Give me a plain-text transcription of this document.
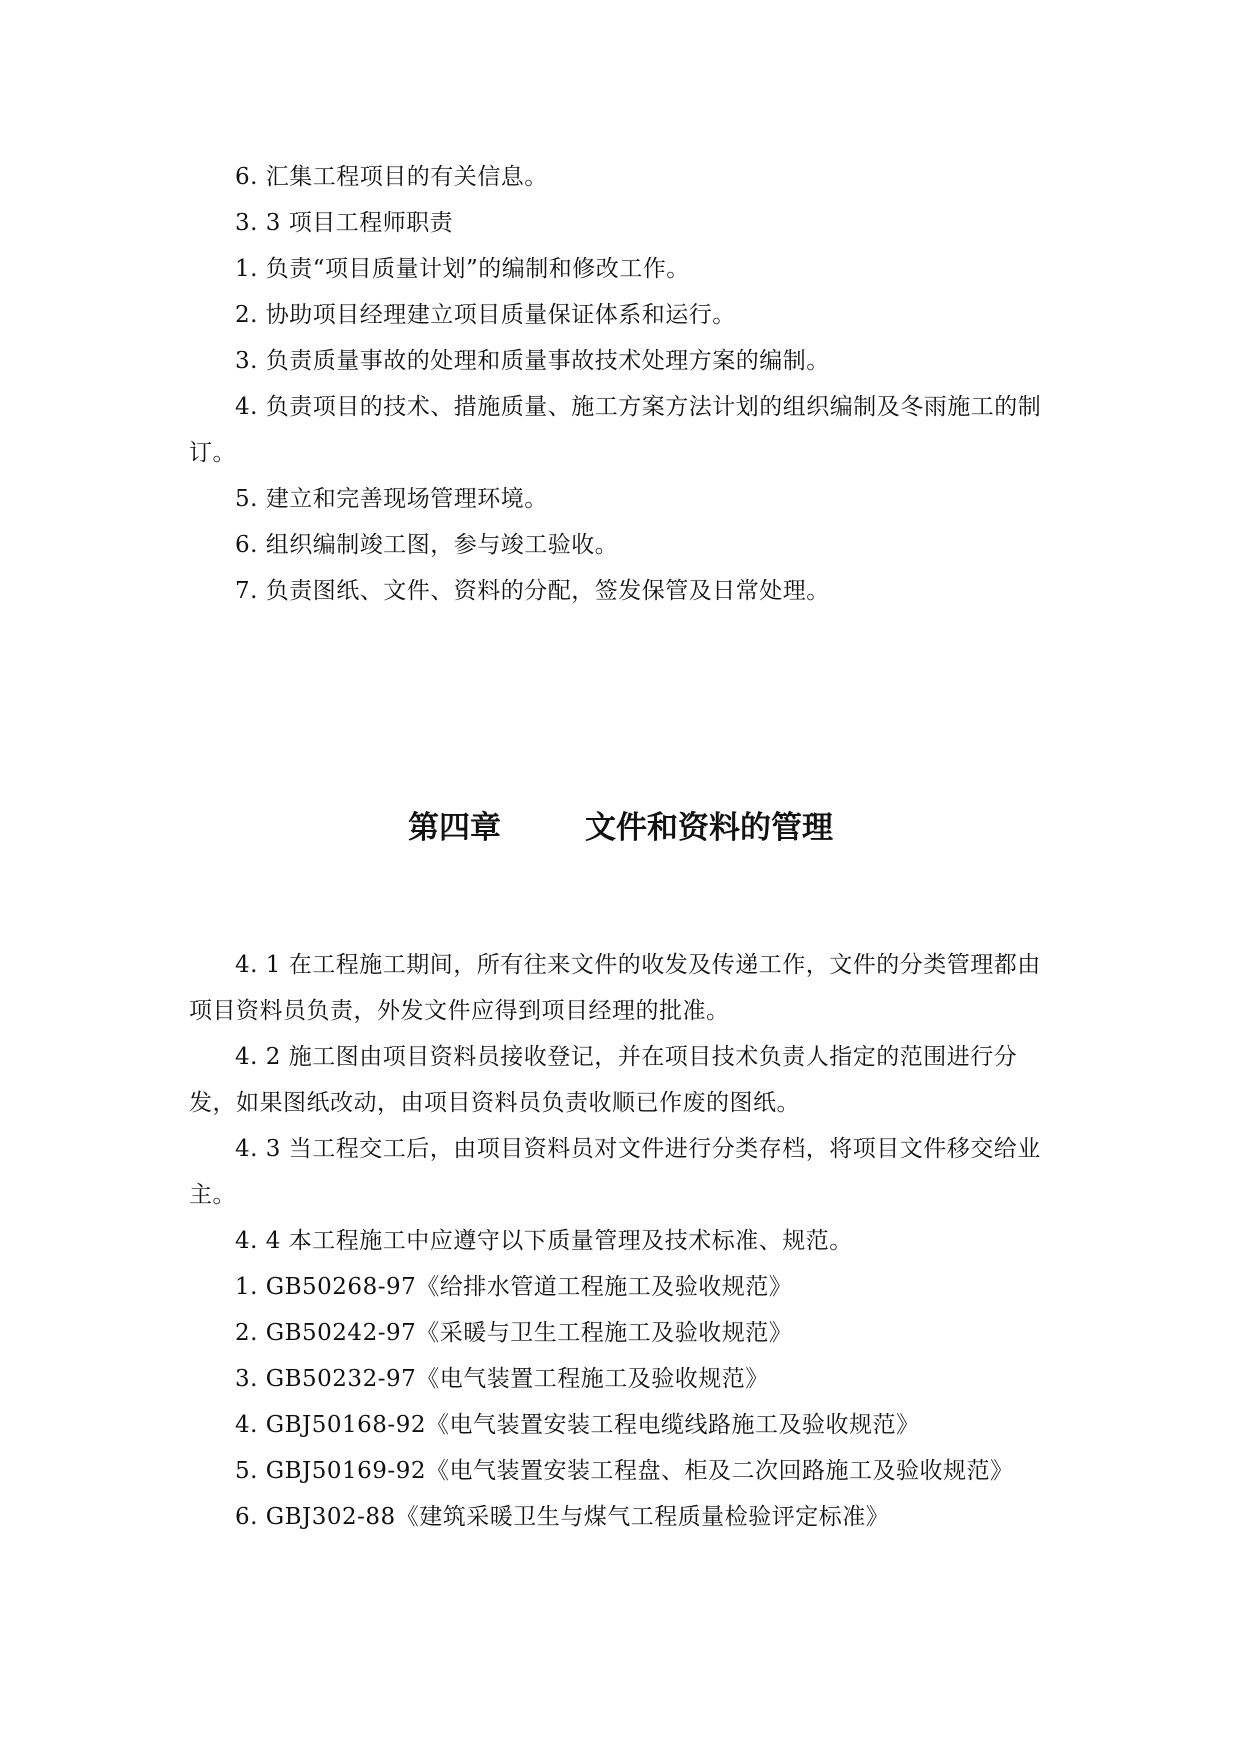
6. 汇集工程项目的有关信息。

3. 3 项目工程师职责

1. 负责“项目质量计划”的编制和修改工作。

2. 协助项目经理建立项目质量保证体系和运行。

3. 负责质量事故的处理和质量事故技术处理方案的编制。

4. 负责项目的技术、措施质量、施工方案方法计划的组织编制及冬雨施工的制订。

5. 建立和完善现场管理环境。

6. 组织编制竣工图，参与竣工验收。

7. 负责图纸、文件、资料的分配，签发保管及日常处理。

第四章	文件和资料的管理

4. 1 在工程施工期间，所有往来文件的收发及传递工作，文件的分类管理都由项目资料员负责，外发文件应得到项目经理的批准。

4. 2 施工图由项目资料员接收登记，并在项目技术负责人指定的范围进行分发，如果图纸改动，由项目资料员负责收顺已作废的图纸。

4. 3 当工程交工后，由项目资料员对文件进行分类存档，将项目文件移交给业主。

4. 4 本工程施工中应遵守以下质量管理及技术标准、规范。

1. GB50268-97《给排水管道工程施工及验收规范》

2. GB50242-97《采暖与卫生工程施工及验收规范》

3. GB50232-97《电气装置工程施工及验收规范》

4. GBJ50168-92《电气装置安装工程电缆线路施工及验收规范》

5. GBJ50169-92《电气装置安装工程盘、柜及二次回路施工及验收规范》

6. GBJ302-88《建筑采暖卫生与煤气工程质量检验评定标准》
